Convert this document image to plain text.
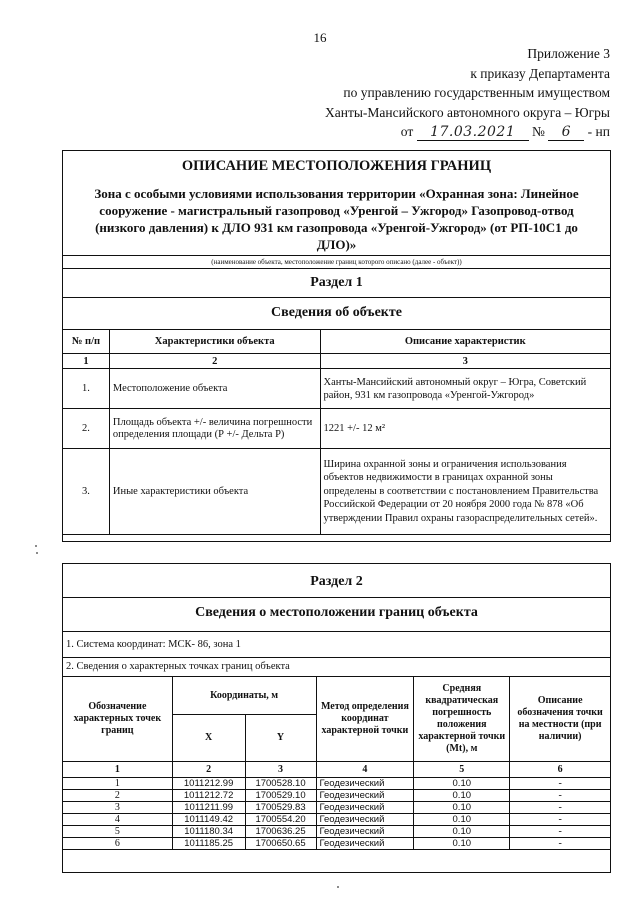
16
Приложение 3
к приказу Департамента
по управлению государственным имуществом
Ханты-Мансийского автономного округа – Югры
от 17.03.2021 № 6 - нп
ОПИСАНИЕ МЕСТОПОЛОЖЕНИЯ ГРАНИЦ
Зона с особыми условиями использования территории «Охранная зона: Линейное сооружение - магистральный газопровод «Уренгой – Ужгород» Газопровод-отвод (низкого давления) к ДЛО 931 км газопровода «Уренгой-Ужгород» (от РП-10С1 до ДЛО)»
(наименование объекта, местоположение границ которого описано (далее - объект))
Раздел 1
Сведения об объекте
№ п/п	Характеристики объекта	Описание характеристик
1	2	3
1.	Местоположение объекта	Ханты-Мансийский автономный округ – Югра, Советский район, 931 км газопровода «Уренгой-Ужгород»
2.	Площадь объекта +/- величина погрешности определения площади (Р +/- Дельта Р)	1221 +/- 12 м²
3.	Иные характеристики объекта	Ширина охранной зоны и ограничения использования объектов недвижимости в границах охранной зоны определены в соответствии с постановлением Правительства Российской Федерации от 20 ноября 2000 года № 878 «Об утверждении Правил охраны газораспределительных сетей».
Раздел 2
Сведения о местоположении границ объекта
1. Система координат: МСК- 86, зона 1
2. Сведения о характерных точках границ объекта
Обозначение характерных точек границ	Координаты, м		Метод определения координат характерной точки	Средняя квадратическая погрешность положения характерной точки (Мt), м	Описание обозначения точки на местности (при наличии)
	X	Y			
1	2	3	4	5	6
1	1011212.99	1700528.10	Геодезический	0.10	-
2	1011212.72	1700529.10	Геодезический	0.10	-
3	1011211.99	1700529.83	Геодезический	0.10	-
4	1011149.42	1700554.20	Геодезический	0.10	-
5	1011180.34	1700636.25	Геодезический	0.10	-
6	1011185.25	1700650.65	Геодезический	0.10	-
